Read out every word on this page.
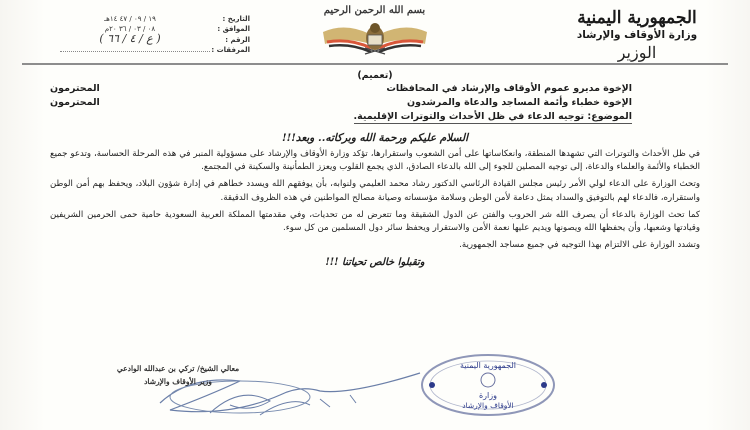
الجمهورية اليمنية
وزارة الأوقاف والإرشاد
الوزير
بسم الله الرحمن الرحيم
التاريخ :
١٩ / ٠٩ / ٤٧ ١٤هـ
الموافق :
٠٨ / ٠٣ / ٣٦ ٢٠م
الرقم :
( ع / ٤ / ٦٦ )
المرفقات :
(تعميم)
الإخوة مديرو عموم الأوقاف والإرشاد في المحافظات
المحترمون
الإخوة خطباء وأئمة المساجد والدعاة والمرشدون
المحترمون
الموضوع: توجيه الدعاء في ظل الأحداث والتوترات الإقليمية.
السلام عليكم ورحمة الله وبركاته.. وبعد!!!

في ظل الأحداث والتوترات التي تشهدها المنطقة، وانعكاساتها على أمن الشعوب واستقرارها، تؤكد وزارة الأوقاف والإرشاد على مسؤولية المنبر في هذه المرحلة الحساسة، وتدعو جميع الخطباء والأئمة والعلماء والدعاة، إلى توجيه المصلين للجوء إلى الله بالدعاء الصادق، الذي يجمع القلوب ويعزز الطمأنينة والسكينة في المجتمع.

وتحث الوزارة على الدعاء لولي الأمر رئيس مجلس القيادة الرئاسي الدكتور رشاد محمد العليمي ولنوابه، بأن يوفقهم الله ويسدد خطاهم في إدارة شؤون البلاد، ويحفظ بهم أمن الوطن واستقراره، فالدعاء لهم بالتوفيق والسداد يمثل دعامة لأمن الوطن وسلامة مؤسساته وصيانة مصالح المواطنين في هذه الظروف الدقيقة.

كما تحث الوزارة بالدعاء أن يصرف الله شر الحروب والفتن عن الدول الشقيقة وما تتعرض له من تحديات، وفي مقدمتها المملكة العربية السعودية حامية حمى الحرمين الشريفين وقيادتها وشعبها، وأن يحفظها الله ويصونها ويديم عليها نعمة الأمن والاستقرار ويحفظ سائر دول المسلمين من كل سوء.

وتشدد الوزارة على الالتزام بهذا التوجيه في جميع مساجد الجمهورية.

وتقبلوا خالص تحياتنا !!!
معالي الشيخ/ تركي بن عبدالله الوادعي
وزير الأوقاف والإرشاد
الجمهورية اليمنية
وزارة
الأوقاف والإرشاد
